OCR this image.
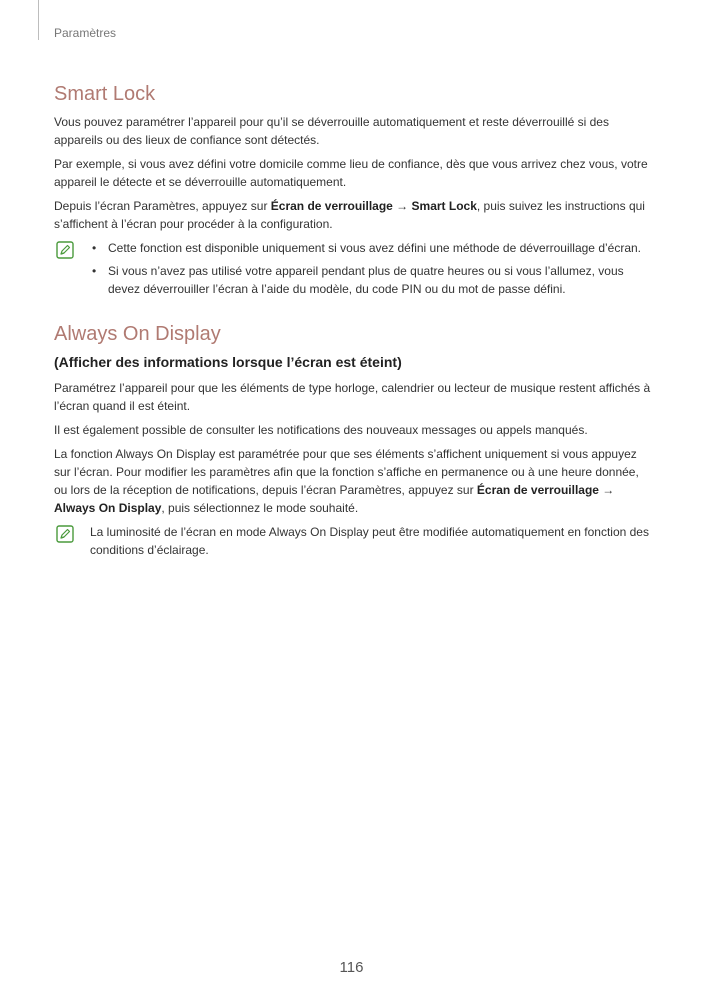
Paramètres
Smart Lock

Vous pouvez paramétrer l’appareil pour qu’il se déverrouille automatiquement et reste déverrouillé si des appareils ou des lieux de confiance sont détectés.

Par exemple, si vous avez défini votre domicile comme lieu de confiance, dès que vous arrivez chez vous, votre appareil le détecte et se déverrouille automatiquement.

Depuis l’écran Paramètres, appuyez sur Écran de verrouillage → Smart Lock, puis suivez les instructions qui s’affichent à l’écran pour procéder à la configuration.

• Cette fonction est disponible uniquement si vous avez défini une méthode de déverrouillage d’écran.
• Si vous n’avez pas utilisé votre appareil pendant plus de quatre heures ou si vous l’allumez, vous devez déverrouiller l’écran à l’aide du modèle, du code PIN ou du mot de passe défini.
Always On Display
(Afficher des informations lorsque l’écran est éteint)

Paramétrez l’appareil pour que les éléments de type horloge, calendrier ou lecteur de musique restent affichés à l’écran quand il est éteint.

Il est également possible de consulter les notifications des nouveaux messages ou appels manqués.

La fonction Always On Display est paramétrée pour que ses éléments s’affichent uniquement si vous appuyez sur l’écran. Pour modifier les paramètres afin que la fonction s’affiche en permanence ou à une heure donnée, ou lors de la réception de notifications, depuis l’écran Paramètres, appuyez sur Écran de verrouillage → Always On Display, puis sélectionnez le mode souhaité.

La luminosité de l’écran en mode Always On Display peut être modifiée automatiquement en fonction des conditions d’éclairage.

116
